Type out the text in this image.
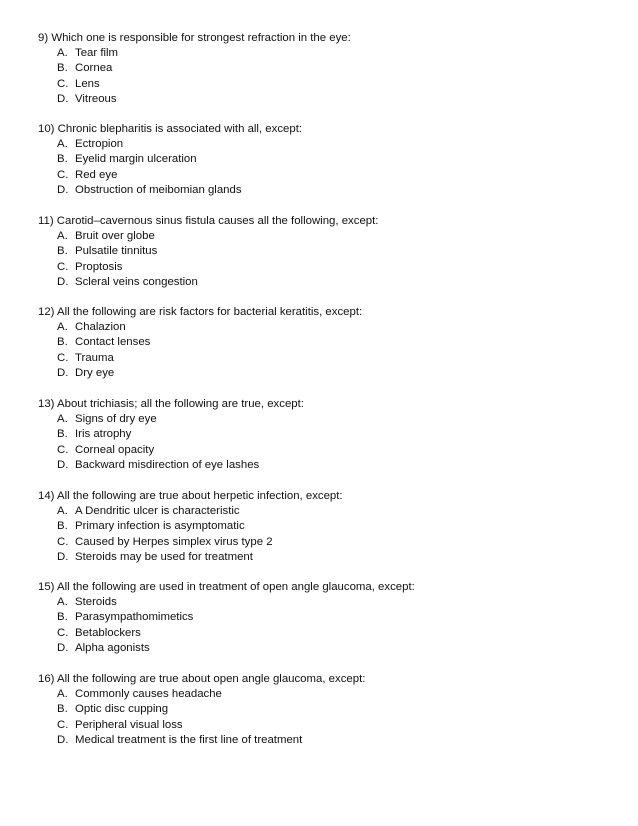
9) Which one is responsible for strongest refraction in the eye:

A. Tear film
B. Cornea
C. Lens
D. Vitreous

10) Chronic blepharitis is associated with all, except:

A. Ectropion
B. Eyelid margin ulceration
C. Red eye
D. Obstruction of meibomian glands

11) Carotid–cavernous sinus fistula causes all the following, except:

A. Bruit over globe
B. Pulsatile tinnitus
C. Proptosis
D. Scleral veins congestion

12) All the following are risk factors for bacterial keratitis, except:

A. Chalazion
B. Contact lenses
C. Trauma
D. Dry eye

13) About trichiasis; all the following are true, except:

A. Signs of dry eye
B. Iris atrophy
C. Corneal opacity
D. Backward misdirection of eye lashes

14) All the following are true about herpetic infection, except:

A. A Dendritic ulcer is characteristic
B. Primary infection is asymptomatic
C. Caused by Herpes simplex virus type 2
D. Steroids may be used for treatment

15) All the following are used in treatment of open angle glaucoma, except:

A. Steroids
B. Parasympathomimetics
C. Betablockers
D. Alpha agonists

16) All the following are true about open angle glaucoma, except:

A. Commonly causes headache
B. Optic disc cupping
C. Peripheral visual loss
D. Medical treatment is the first line of treatment
